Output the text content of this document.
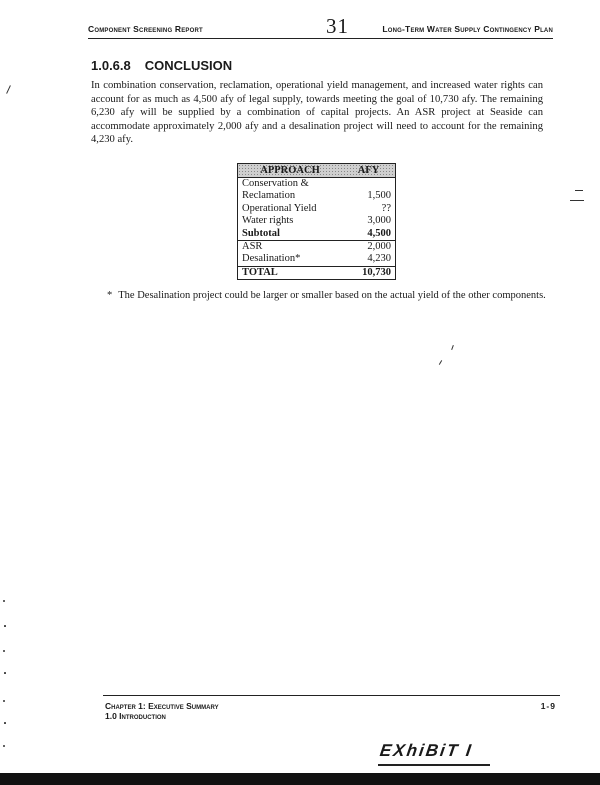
Component Screening Report	31	Long-Term Water Supply Contingency Plan
1.0.6.8 CONCLUSION
In combination conservation, reclamation, operational yield management, and increased water rights can account for as much as 4,500 afy of legal supply, towards meeting the goal of 10,730 afy. The remaining 6,230 afy will be supplied by a combination of capital projects. An ASR project at Seaside can accommodate approximately 2,000 afy and a desalination project will need to account for the remaining 4,230 afy.
APPROACH	AFY
Conservation &
Reclamation	1,500
Operational Yield	??
Water rights	3,000
Subtotal	4,500
ASR	2,000
Desalination*	4,230
TOTAL	10,730
* The Desalination project could be larger or smaller based on the actual yield of the other components.
Chapter 1: Executive Summary
1.0 Introduction
1-9
EXhiBiT I
